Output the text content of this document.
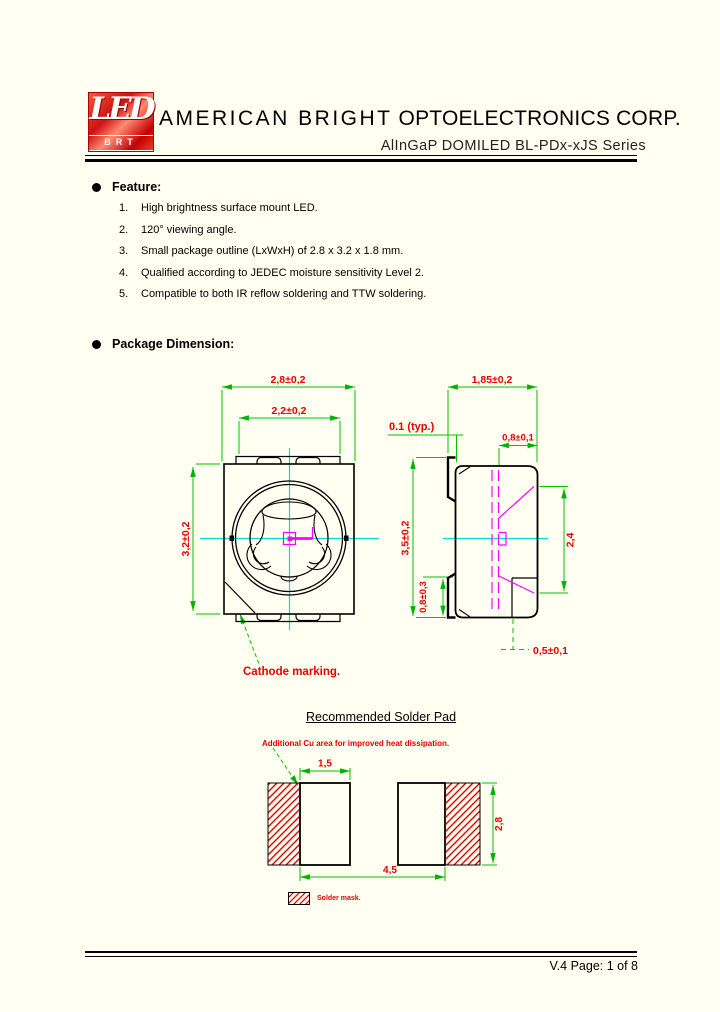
LED
BRT
AMERICAN BRIGHT OPTOELECTRONICS CORP.
AlInGaP DOMILED BL-PDx-xJS Series
Feature:
1.	High brightness surface mount LED.
2.	120° viewing angle.
3.	Small package outline (LxWxH) of 2.8 x 3.2 x 1.8 mm.
4.	Qualified according to JEDEC moisture sensitivity Level 2.
5.	Compatible to both IR reflow soldering and TTW soldering.
Package Dimension:
2,8±0,2
2,2±0,2
3,2±0,2
Cathode marking.
1,85±0,2
0.1 (typ.)
0,8±0,1
3,5±0,2
0,8±0,3
2,4
0,5±0,1
Recommended Solder Pad
Additional Cu area for improved heat dissipation.
1,5
2,8
4,5
Solder mask.
V.4 Page: 1 of 8
